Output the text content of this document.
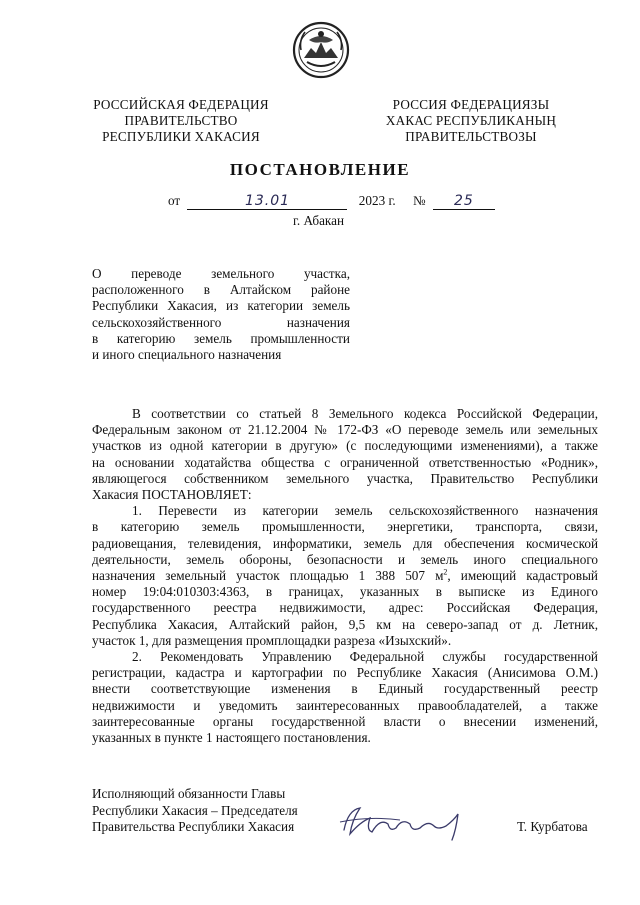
РОССИЙСКАЯ ФЕДЕРАЦИЯ
ПРАВИТЕЛЬСТВО
РЕСПУБЛИКИ ХАКАСИЯ
РОССИЯ ФЕДЕРАЦИЯЗЫ
ХАКАС РЕСПУБЛИКАНЫҢ
ПРАВИТЕЛЬСТВОЗЫ
ПОСТАНОВЛЕНИЕ
от	13.01	2023 г. № 25
г. Абакан
О переводе земельного участка,
расположенного в Алтайском районе
Республики Хакасия, из категории земель
сельскохозяйственного назначения
в категорию земель промышленности
и иного специального назначения
В соответствии со статьей 8 Земельного кодекса Российской Федерации,
Федеральным законом от 21.12.2004 № 172-ФЗ «О переводе земель или земельных
участков из одной категории в другую» (с последующими изменениями), а также
на основании ходатайства общества с ограниченной ответственностью «Родник»,
являющегося собственником земельного участка, Правительство Республики
Хакасия ПОСТАНОВЛЯЕТ:
1. Перевести из категории земель сельскохозяйственного назначения
в категорию земель промышленности, энергетики, транспорта, связи,
радиовещания, телевидения, информатики, земель для обеспечения космической
деятельности, земель обороны, безопасности и земель иного специального
назначения земельный участок площадью 1 388 507 $м^2$, имеющий кадастровый
номер 19:04:010303:4363, в границах, указанных в выписке из Единого
государственного реестра недвижимости, адрес: Российская Федерация,
Республика Хакасия, Алтайский район, 9,5 км на северо-запад от д. Летник,
участок 1, для размещения промплощадки разреза «Изыхский».
2. Рекомендовать Управлению Федеральной службы государственной
регистрации, кадастра и картографии по Республике Хакасия (Анисимова О.М.)
внести соответствующие изменения в Единый государственный реестр
недвижимости и уведомить заинтересованных правообладателей, а также
заинтересованные органы государственной власти о внесении изменений,
указанных в пункте 1 настоящего постановления.
Исполняющий обязанности Главы
Республики Хакасия – Председателя
Правительства Республики Хакасия	Т. Курбатова
